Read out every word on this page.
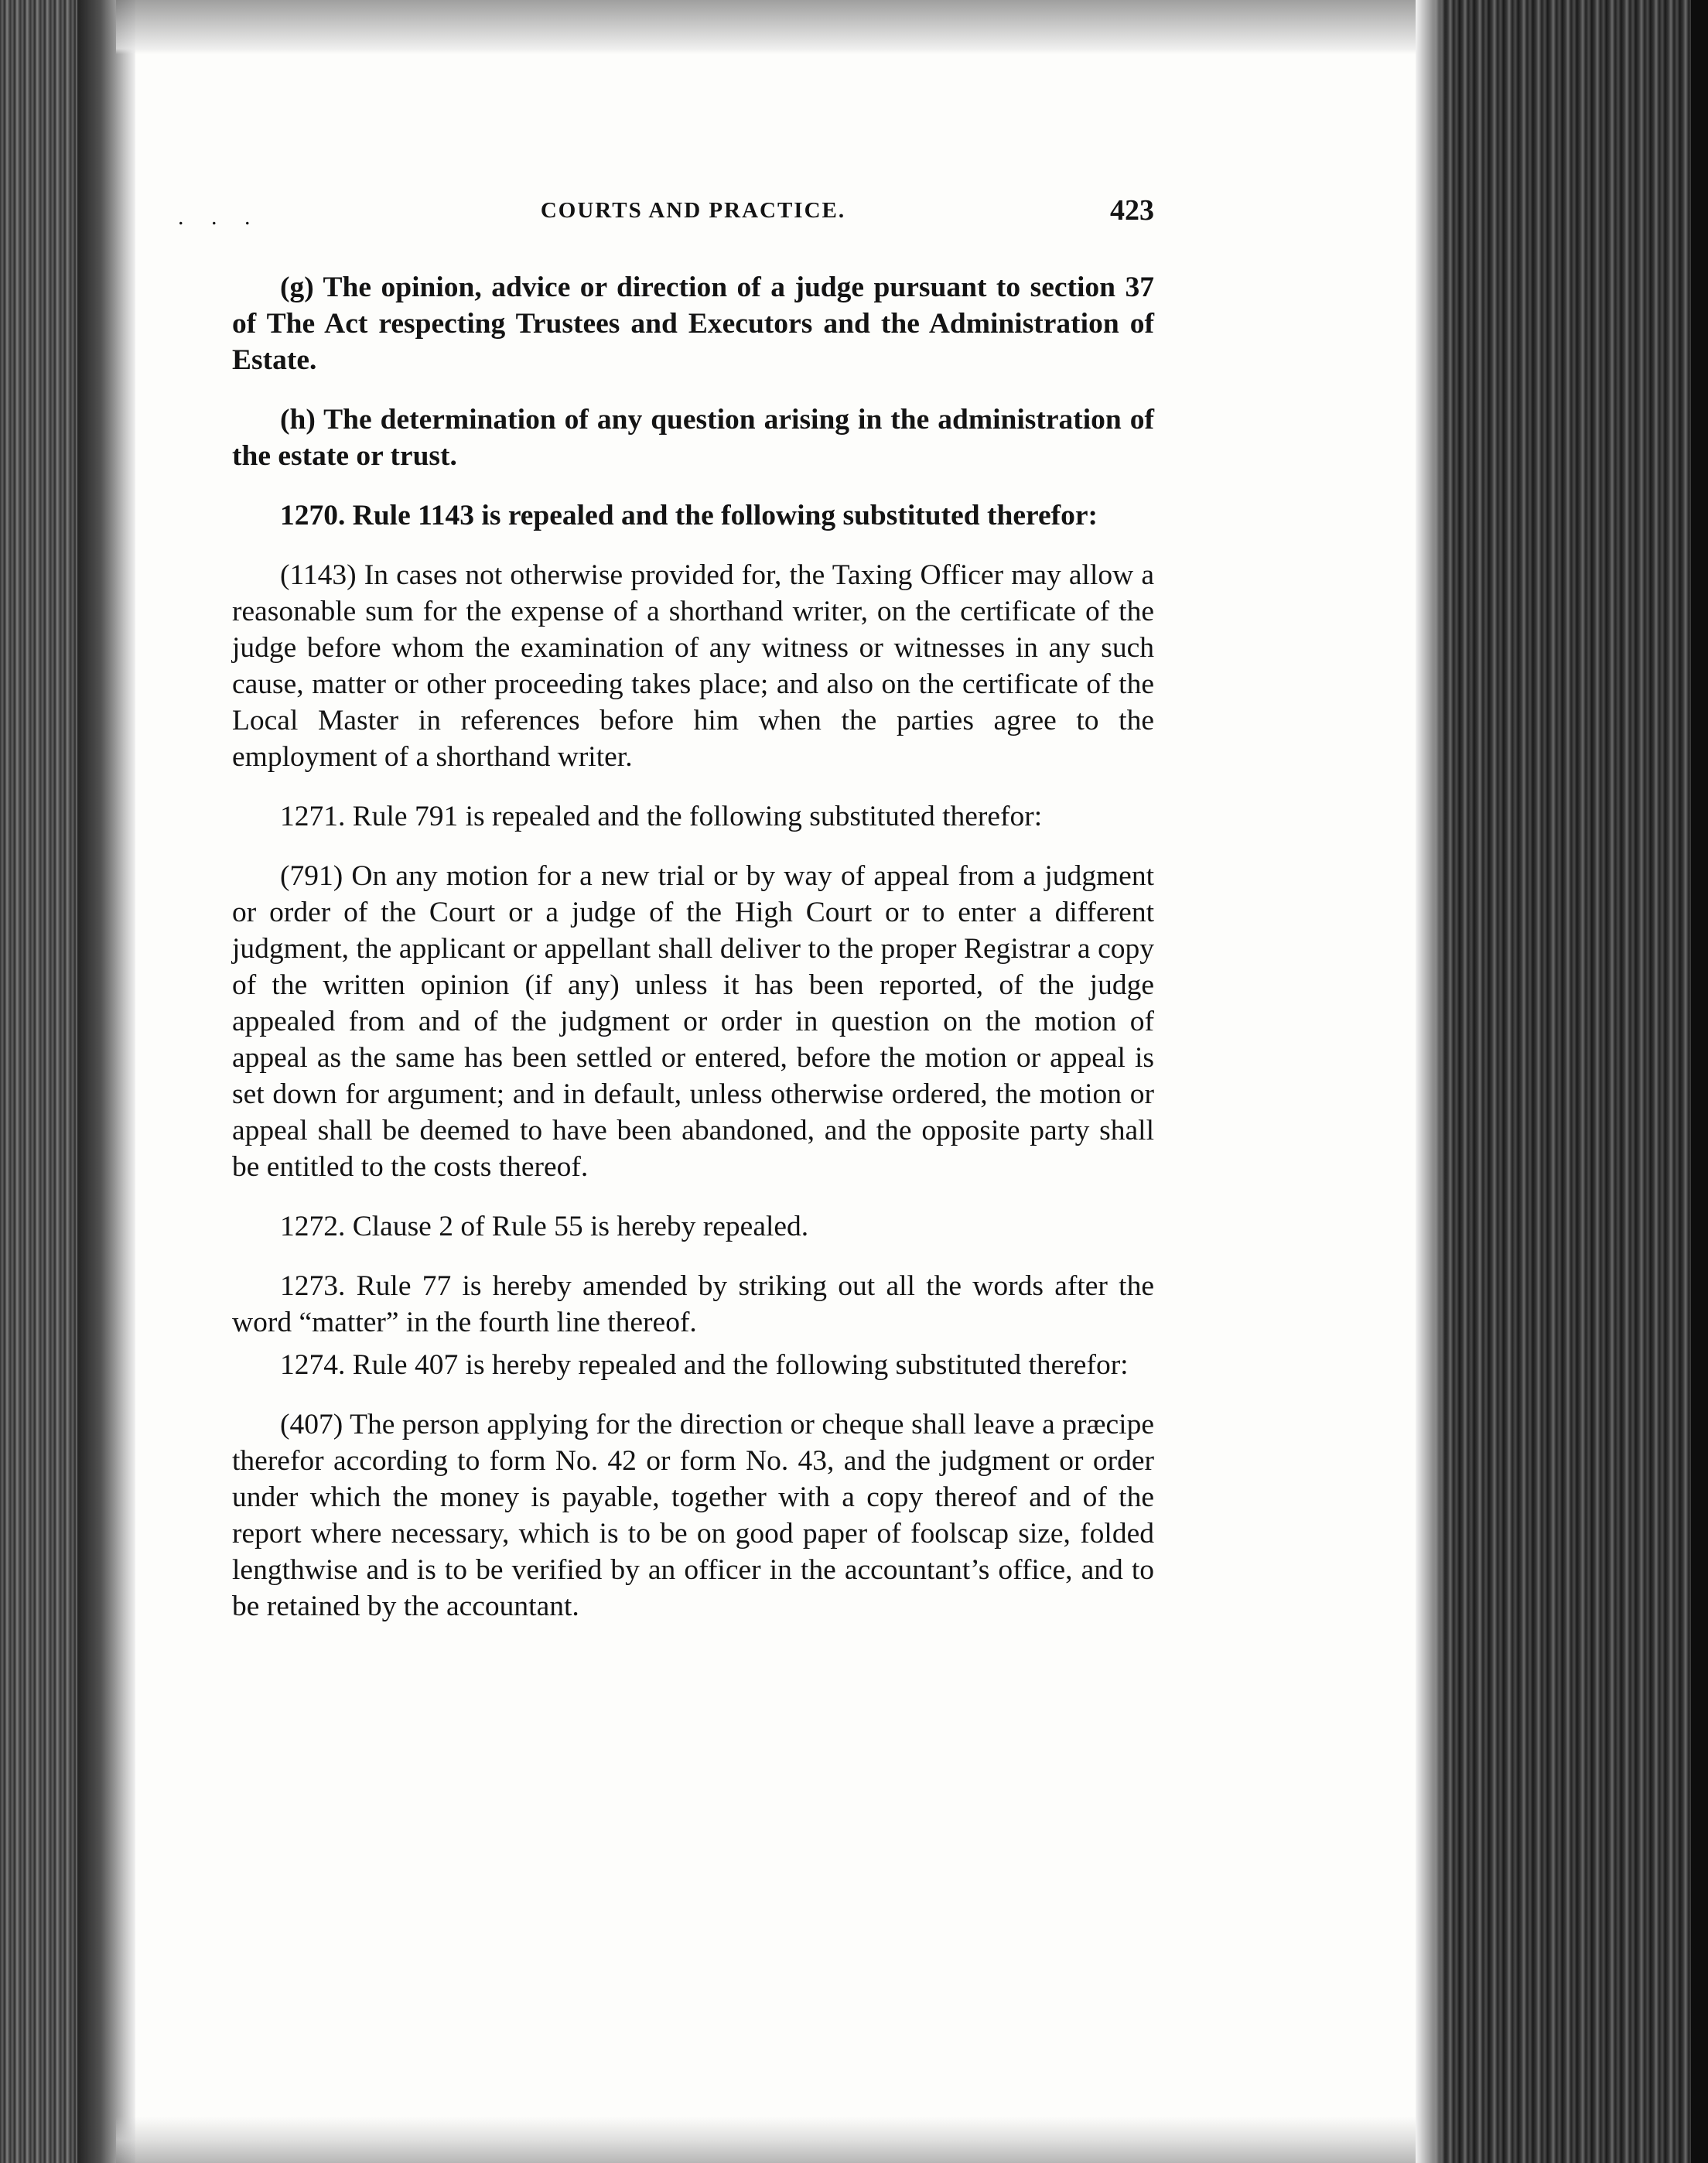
. . .	COURTS AND PRACTICE.	423

(g) The opinion, advice or direction of a judge pursuant to section 37 of The Act respecting Trustees and Executors and the Administration of Estate.

(h) The determination of any question arising in the administration of the estate or trust.

1270. Rule 1143 is repealed and the following substituted therefor:

(1143) In cases not otherwise provided for, the Taxing Officer may allow a reasonable sum for the expense of a shorthand writer, on the certificate of the judge before whom the examination of any witness or witnesses in any such cause, matter or other proceeding takes place; and also on the certificate of the Local Master in references before him when the parties agree to the employment of a shorthand writer.

1271. Rule 791 is repealed and the following substituted therefor:

(791) On any motion for a new trial or by way of appeal from a judgment or order of the Court or a judge of the High Court or to enter a different judgment, the applicant or appellant shall deliver to the proper Registrar a copy of the written opinion (if any) unless it has been reported, of the judge appealed from and of the judgment or order in question on the motion of appeal as the same has been settled or entered, before the motion or appeal is set down for argument; and in default, unless otherwise ordered, the motion or appeal shall be deemed to have been abandoned, and the opposite party shall be entitled to the costs thereof.

1272. Clause 2 of Rule 55 is hereby repealed.

1273. Rule 77 is hereby amended by striking out all the words after the word “matter” in the fourth line thereof.

1274. Rule 407 is hereby repealed and the following substituted therefor:

(407) The person applying for the direction or cheque shall leave a præcipe therefor according to form No. 42 or form No. 43, and the judgment or order under which the money is payable, together with a copy thereof and of the report where necessary, which is to be on good paper of foolscap size, folded lengthwise and is to be verified by an officer in the accountant’s office, and to be retained by the accountant.
